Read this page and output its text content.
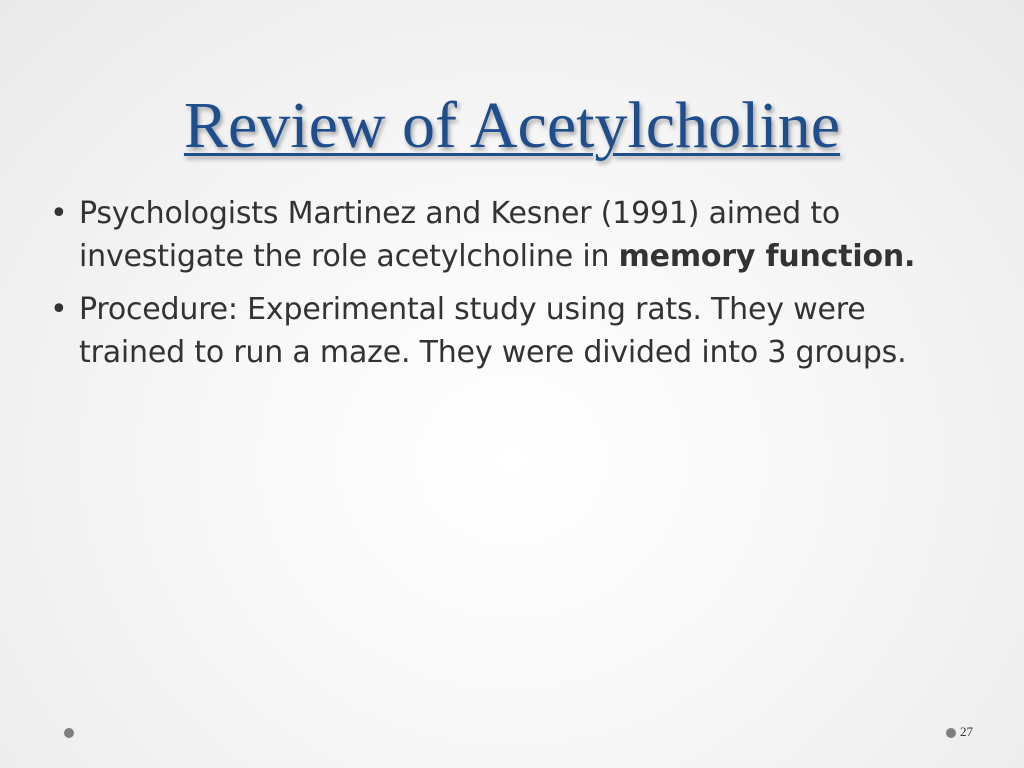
Review of Acetylcholine
• Psychologists Martinez and Kesner (1991) aimed to investigate the role acetylcholine in memory function.
• Procedure: Experimental study using rats. They were trained to run a maze. They were divided into 3 groups.
27
